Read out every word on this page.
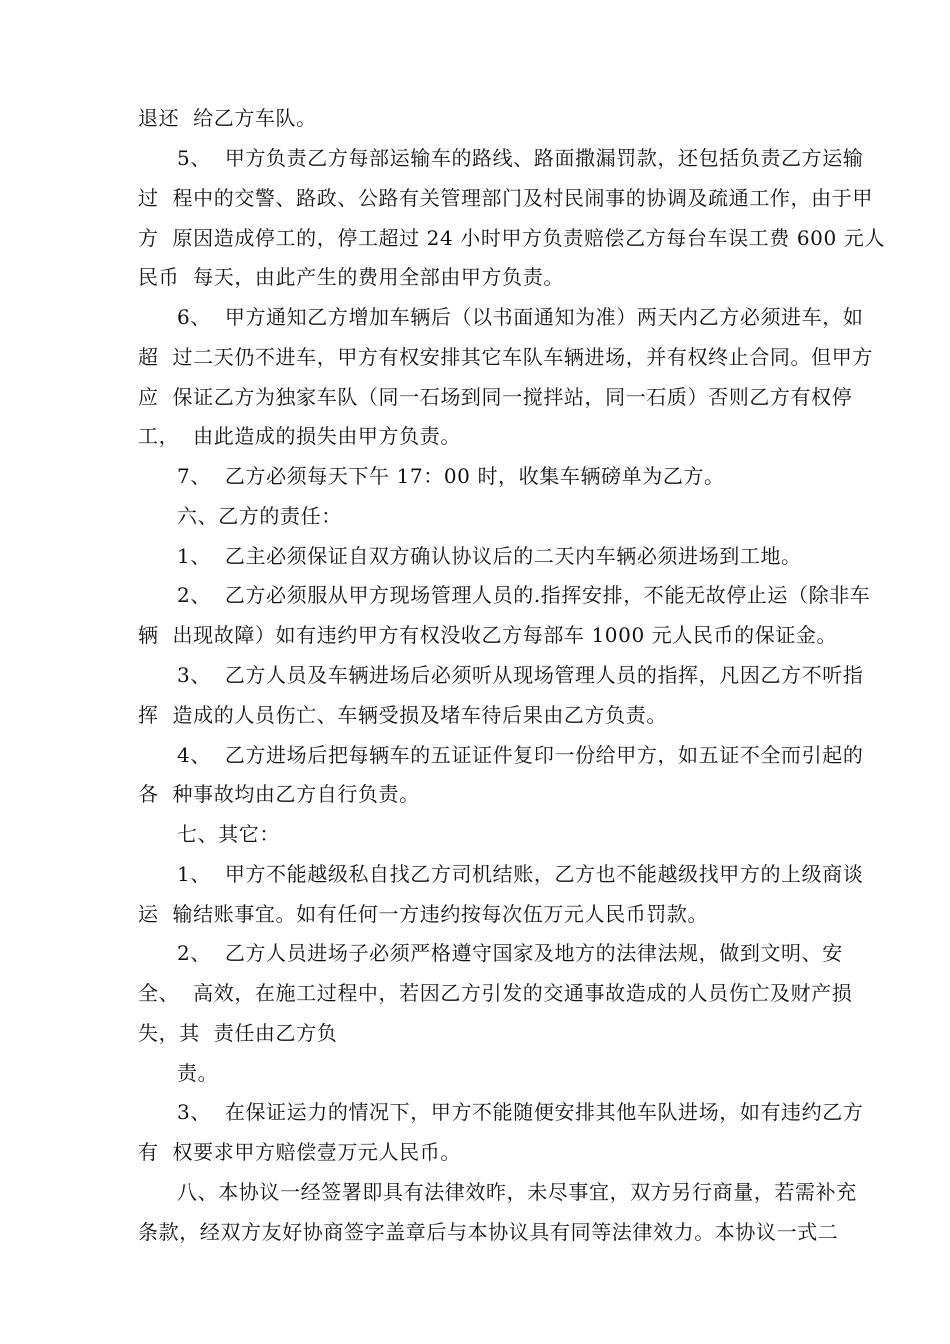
退还  给乙方车队。
5、  甲方负责乙方每部运输车的路线、路面撒漏罚款，还包括负责乙方运输
过  程中的交警、路政、公路有关管理部门及村民闹事的协调及疏通工作，由于甲
方  原因造成停工的，停工超过 24 小时甲方负责赔偿乙方每台车误工费 600 元人
民币  每天，由此产生的费用全部由甲方负责。
6、  甲方通知乙方增加车辆后（以书面通知为准）两天内乙方必须进车，如
超  过二天仍不进车，甲方有权安排其它车队车辆进场，并有权终止合同。但甲方
应  保证乙方为独家车队（同一石场到同一搅拌站，同一石质）否则乙方有权停
工，  由此造成的损失由甲方负责。
7、  乙方必须每天下午 17：00 时，收集车辆磅单为乙方。
六、乙方的责任：
1、  乙主必须保证自双方确认协议后的二天内车辆必须进场到工地。
2、  乙方必须服从甲方现场管理人员的.指挥安排，不能无故停止运（除非车
辆  出现故障）如有违约甲方有权没收乙方每部车 1000 元人民币的保证金。
3、  乙方人员及车辆进场后必须听从现场管理人员的指挥，凡因乙方不听指
挥  造成的人员伤亡、车辆受损及堵车待后果由乙方负责。
4、  乙方进场后把每辆车的五证证件复印一份给甲方，如五证不全而引起的
各  种事故均由乙方自行负责。
七、其它：
1、  甲方不能越级私自找乙方司机结账，乙方也不能越级找甲方的上级商谈
运  输结账事宜。如有任何一方违约按每次伍万元人民币罚款。
2、  乙方人员进场子必须严格遵守国家及地方的法律法规，做到文明、安
全、  高效，在施工过程中，若因乙方引发的交通事故造成的人员伤亡及财产损
失，其  责任由乙方负
责。
3、  在保证运力的情况下，甲方不能随便安排其他车队进场，如有违约乙方
有  权要求甲方赔偿壹万元人民币。
八、本协议一经签署即具有法律效昨，未尽事宜，双方另行商量，若需补充
条款，经双方友好协商签字盖章后与本协议具有同等法律效力。本协议一式二
